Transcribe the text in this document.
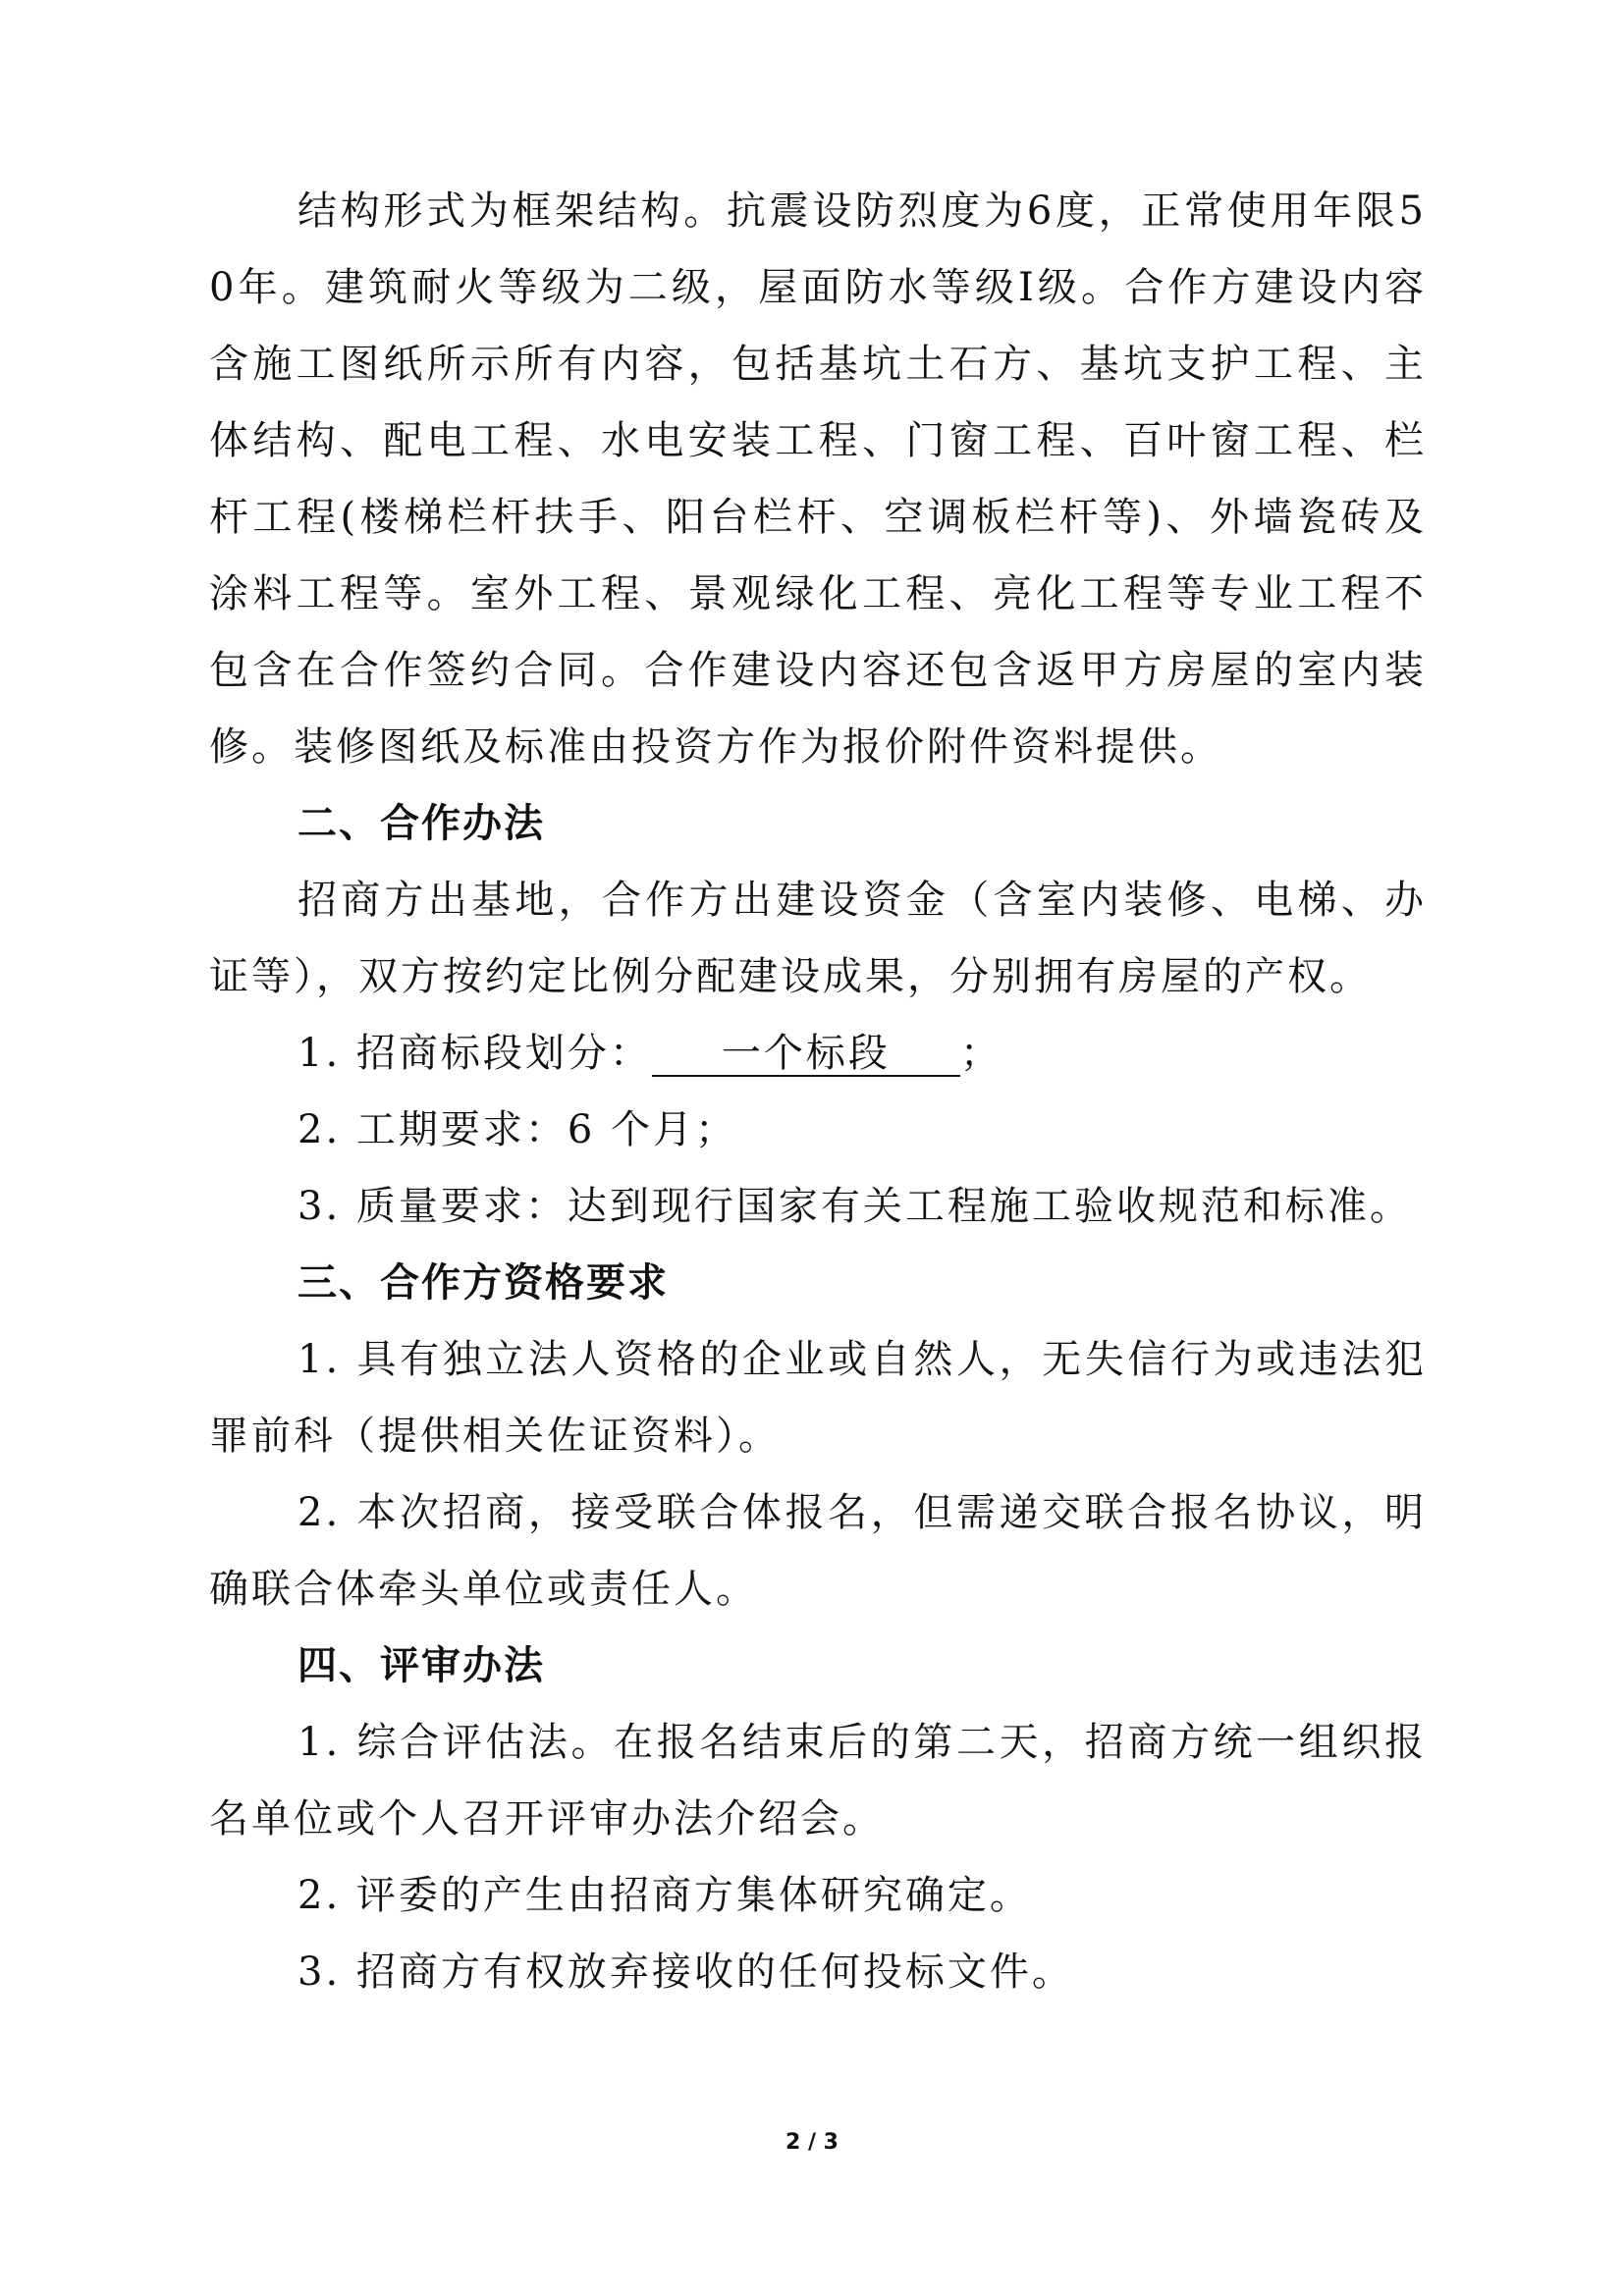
结构形式为框架结构。抗震设防烈度为6度，正常使用年限50年。建筑耐火等级为二级，屋面防水等级Ⅰ级。合作方建设内容含施工图纸所示所有内容，包括基坑土石方、基坑支护工程、主体结构、配电工程、水电安装工程、门窗工程、百叶窗工程、栏杆工程(楼梯栏杆扶手、阳台栏杆、空调板栏杆等)、外墙瓷砖及涂料工程等。室外工程、景观绿化工程、亮化工程等专业工程不包含在合作签约合同。合作建设内容还包含返甲方房屋的室内装修。装修图纸及标准由投资方作为报价附件资料提供。

二、合作办法

招商方出基地，合作方出建设资金（含室内装修、电梯、办证等），双方按约定比例分配建设成果，分别拥有房屋的产权。

1. 招商标段划分： 一个标段 ；

2. 工期要求：6 个月；

3. 质量要求：达到现行国家有关工程施工验收规范和标准。

三、合作方资格要求

1. 具有独立法人资格的企业或自然人，无失信行为或违法犯罪前科（提供相关佐证资料）。

2. 本次招商，接受联合体报名，但需递交联合报名协议，明确联合体牵头单位或责任人。

四、评审办法

1. 综合评估法。在报名结束后的第二天，招商方统一组织报名单位或个人召开评审办法介绍会。

2. 评委的产生由招商方集体研究确定。

3. 招商方有权放弃接收的任何投标文件。

2 / 3
